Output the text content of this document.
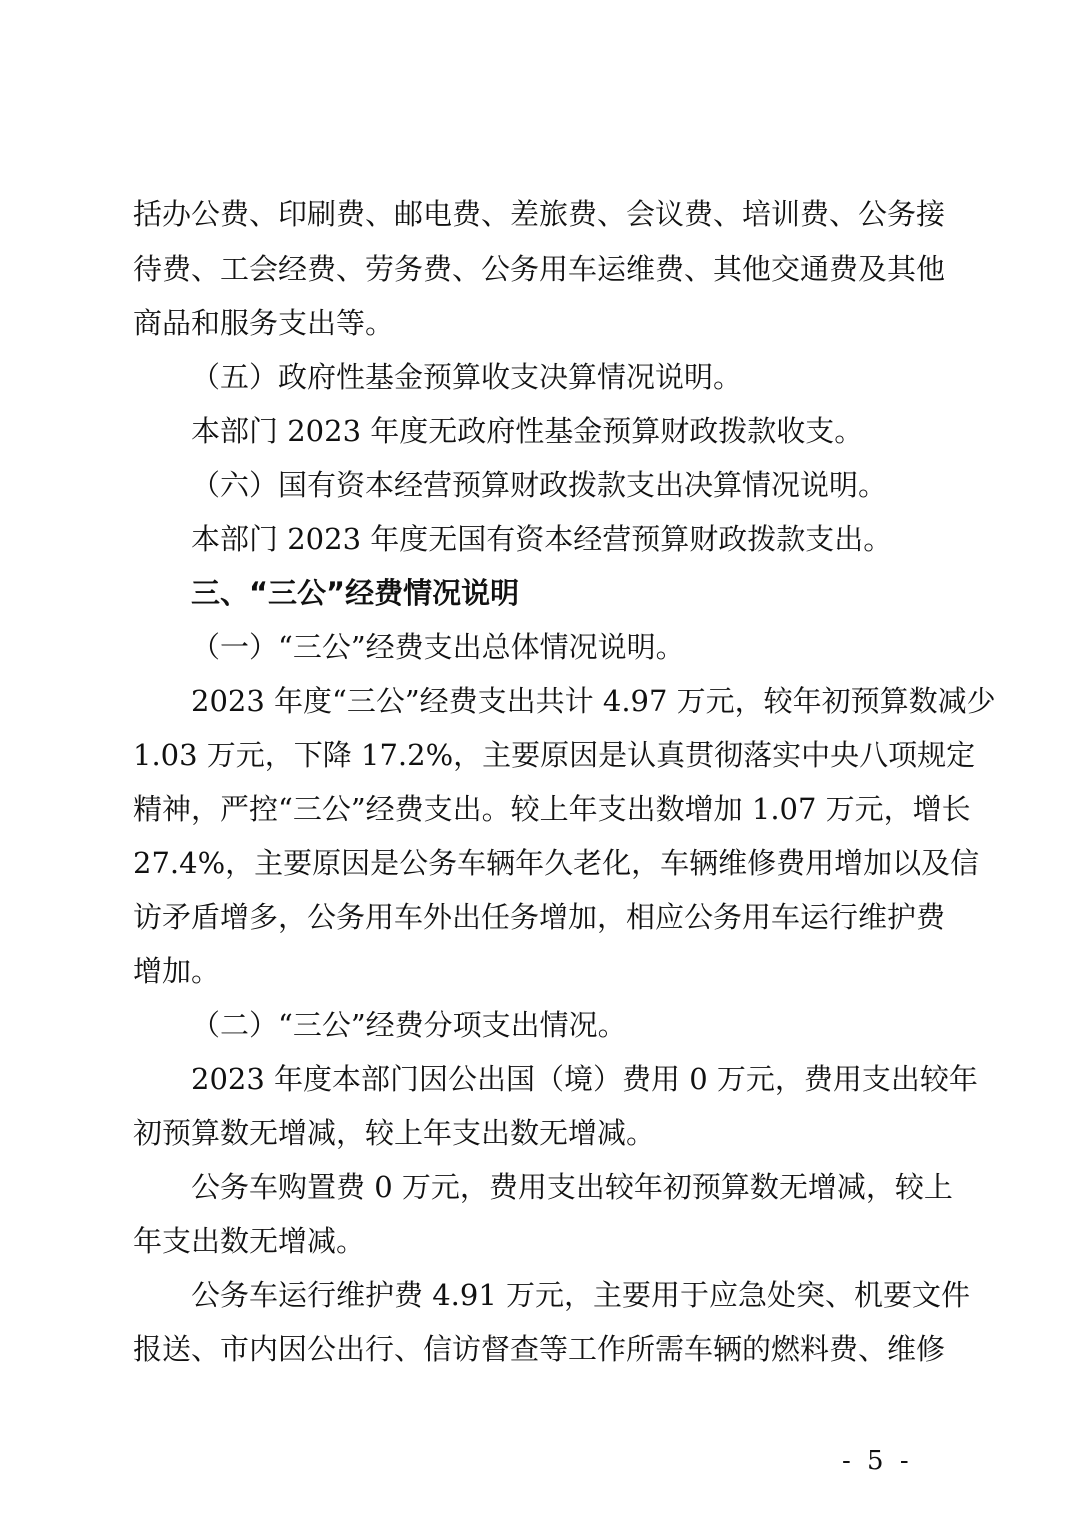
括办公费、印刷费、邮电费、差旅费、会议费、培训费、公务接
待费、工会经费、劳务费、公务用车运维费、其他交通费及其他
商品和服务支出等。
（五）政府性基金预算收支决算情况说明。
本部门 2023 年度无政府性基金预算财政拨款收支。
（六）国有资本经营预算财政拨款支出决算情况说明。
本部门 2023 年度无国有资本经营预算财政拨款支出。
三、“三公”经费情况说明
（一）“三公”经费支出总体情况说明。
2023 年度“三公”经费支出共计 4.97 万元，较年初预算数减少
1.03 万元，下降 17.2%，主要原因是认真贯彻落实中央八项规定
精神，严控“三公”经费支出。较上年支出数增加 1.07 万元，增长
27.4%，主要原因是公务车辆年久老化，车辆维修费用增加以及信
访矛盾增多，公务用车外出任务增加，相应公务用车运行维护费
增加。
（二）“三公”经费分项支出情况。
2023 年度本部门因公出国（境）费用 0 万元，费用支出较年
初预算数无增减，较上年支出数无增减。
公务车购置费 0 万元，费用支出较年初预算数无增减，较上
年支出数无增减。
公务车运行维护费 4.91 万元，主要用于应急处突、机要文件
报送、市内因公出行、信访督查等工作所需车辆的燃料费、维修
- 5 -
